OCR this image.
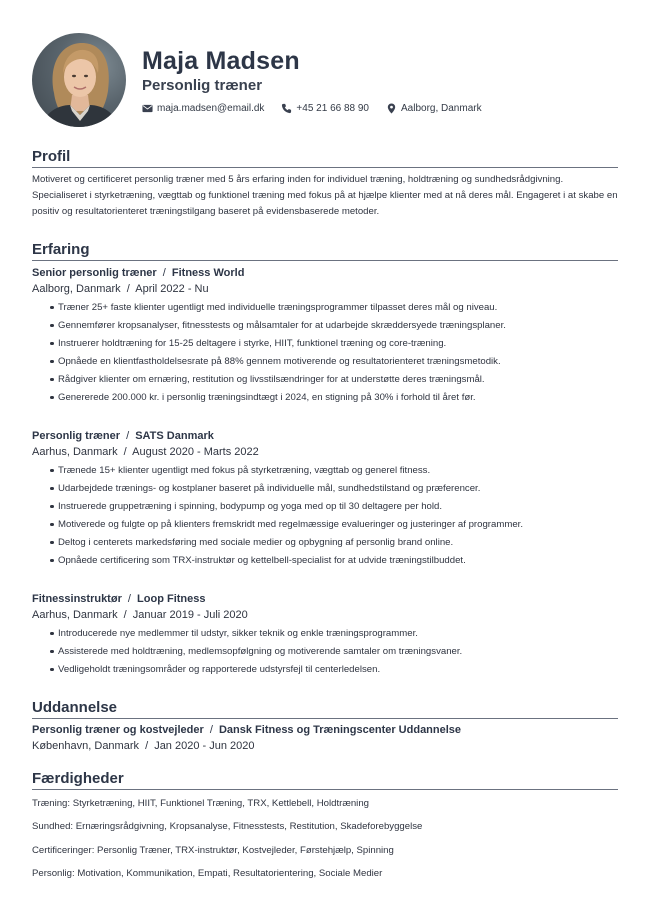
Maja Madsen
Personlig træner
maja.madsen@email.dk	+45 21 66 88 90	Aalborg, Danmark
Profil
Motiveret og certificeret personlig træner med 5 års erfaring inden for individuel træning, holdtræning og sundhedsrådgivning. Specialiseret i styrketræning, vægttab og funktionel træning med fokus på at hjælpe klienter med at nå deres mål. Engageret i at skabe en positiv og resultatorienteret træningstilgang baseret på evidensbaserede metoder.
Erfaring
Senior personlig træner / Fitness World
Aalborg, Danmark / April 2022 - Nu
Træner 25+ faste klienter ugentligt med individuelle træningsprogrammer tilpasset deres mål og niveau.
Gennemfører kropsanalyser, fitnesstests og målsamtaler for at udarbejde skræddersyede træningsplaner.
Instruerer holdtræning for 15-25 deltagere i styrke, HIIT, funktionel træning og core-træning.
Opnåede en klientfastholdelsesrate på 88% gennem motiverende og resultatorienteret træningsmetodik.
Rådgiver klienter om ernæring, restitution og livsstilsændringer for at understøtte deres træningsmål.
Genererede 200.000 kr. i personlig træningsindtægt i 2024, en stigning på 30% i forhold til året før.
Personlig træner / SATS Danmark
Aarhus, Danmark / August 2020 - Marts 2022
Trænede 15+ klienter ugentligt med fokus på styrketræning, vægttab og generel fitness.
Udarbejdede trænings- og kostplaner baseret på individuelle mål, sundhedstilstand og præferencer.
Instruerede gruppetræning i spinning, bodypump og yoga med op til 30 deltagere per hold.
Motiverede og fulgte op på klienters fremskridt med regelmæssige evalueringer og justeringer af programmer.
Deltog i centerets markedsføring med sociale medier og opbygning af personlig brand online.
Opnåede certificering som TRX-instruktør og kettelbell-specialist for at udvide træningstilbuddet.
Fitnessinstruktør / Loop Fitness
Aarhus, Danmark / Januar 2019 - Juli 2020
Introducerede nye medlemmer til udstyr, sikker teknik og enkle træningsprogrammer.
Assisterede med holdtræning, medlemsopfølgning og motiverende samtaler om træningsvaner.
Vedligeholdt træningsområder og rapporterede udstyrsfejl til centerledelsen.
Uddannelse
Personlig træner og kostvejleder / Dansk Fitness og Træningscenter Uddannelse
København, Danmark / Jan 2020 - Jun 2020
Færdigheder
Træning: Styrketræning, HIIT, Funktionel Træning, TRX, Kettlebell, Holdtræning
Sundhed: Ernæringsrådgivning, Kropsanalyse, Fitnesstests, Restitution, Skadeforebyggelse
Certificeringer: Personlig Træner, TRX-instruktør, Kostvejleder, Førstehjælp, Spinning
Personlig: Motivation, Kommunikation, Empati, Resultatorientering, Sociale Medier
